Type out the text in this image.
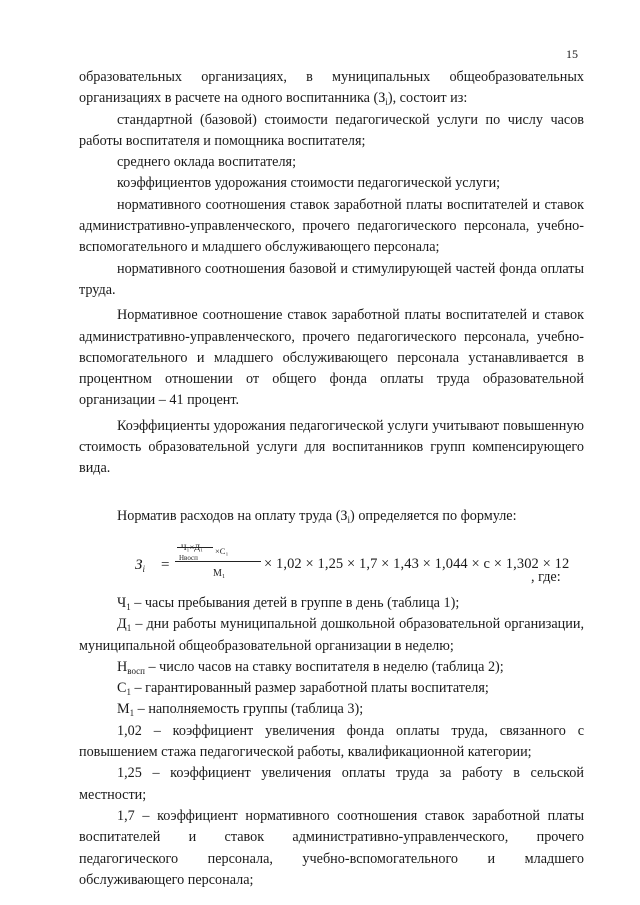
15

образовательных организациях, в муниципальных общеобразовательных организациях в расчете на одного воспитанника $(З_i)$, состоит из:

стандартной (базовой) стоимости педагогической услуги по числу часов работы воспитателя и помощника воспитателя;

среднего оклада воспитателя;

коэффициентов удорожания стоимости педагогической услуги;

нормативного соотношения ставок заработной платы воспитателей и ставок административно-управленческого, прочего педагогического персонала, учебно-вспомогательного и младшего обслуживающего персонала;

нормативного соотношения базовой и стимулирующей частей фонда оплаты труда.

Нормативное соотношение ставок заработной платы воспитателей и ставок административно-управленческого, прочего педагогического персонала, учебно-вспомогательного и младшего обслуживающего персонала устанавливается в процентном отношении от общего фонда оплаты труда образовательной организации – 41 процент.

Коэффициенты удорожания педагогической услуги учитывают повышенную стоимость образовательной услуги для воспитанников групп компенсирующего вида.

Норматив расходов на оплату труда $(З_i)$ определяется по формуле:

$З_i$ =
Ч₁×Д₁
Нвосп
×С₁
М₁
× 1,02 × 1,25 × 1,7 × 1,43 × 1,044 × с × 1,302 × 12
, где:

$Ч_1$ – часы пребывания детей в группе в день (таблица 1);

$Д_1$ – дни работы муниципальной дошкольной образовательной организации, муниципальной общеобразовательной организации в неделю;

$Н_{восп}$ – число часов на ставку воспитателя в неделю (таблица 2);

$С_1$ – гарантированный размер заработной платы воспитателя;

$М_1$ – наполняемость группы (таблица 3);

1,02 – коэффициент увеличения фонда оплаты труда, связанного с повышением стажа педагогической работы, квалификационной категории;

1,25 – коэффициент увеличения оплаты труда за работу в сельской местности;

1,7 – коэффициент нормативного соотношения ставок заработной платы воспитателей и ставок административно-управленческого, прочего педагогического персонала, учебно-вспомогательного и младшего обслуживающего персонала;
